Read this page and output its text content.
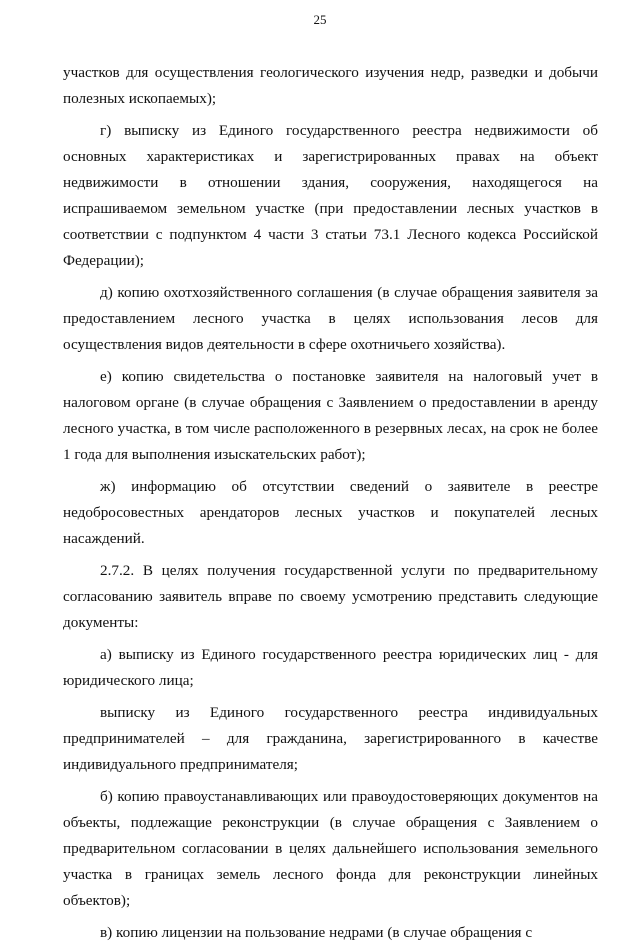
25

участков для осуществления геологического изучения недр, разведки и добычи полезных ископаемых);

г) выписку из Единого государственного реестра недвижимости об основных характеристиках и зарегистрированных правах на объект недвижимости в отношении здания, сооружения, находящегося на испрашиваемом земельном участке (при предоставлении лесных участков в соответствии с подпунктом 4 части 3 статьи 73.1 Лесного кодекса Российской Федерации);

д) копию охотхозяйственного соглашения (в случае обращения заявителя за предоставлением лесного участка в целях использования лесов для осуществления видов деятельности в сфере охотничьего хозяйства).

е) копию свидетельства о постановке заявителя на налоговый учет в налоговом органе (в случае обращения с Заявлением о предоставлении в аренду лесного участка, в том числе расположенного в резервных лесах, на срок не более 1 года для выполнения изыскательских работ);

ж) информацию об отсутствии сведений о заявителе в реестре недобросовестных арендаторов лесных участков и покупателей лесных насаждений.

2.7.2. В целях получения государственной услуги по предварительному согласованию заявитель вправе по своему усмотрению представить следующие документы:

а) выписку из Единого государственного реестра юридических лиц - для юридического лица;

выписку из Единого государственного реестра индивидуальных предпринимателей – для гражданина, зарегистрированного в качестве индивидуального предпринимателя;

б) копию правоустанавливающих или правоудостоверяющих документов на объекты, подлежащие реконструкции (в случае обращения с Заявлением о предварительном согласовании в целях дальнейшего использования земельного участка в границах земель лесного фонда для реконструкции линейных объектов);

в) копию лицензии на пользование недрами (в случае обращения с
